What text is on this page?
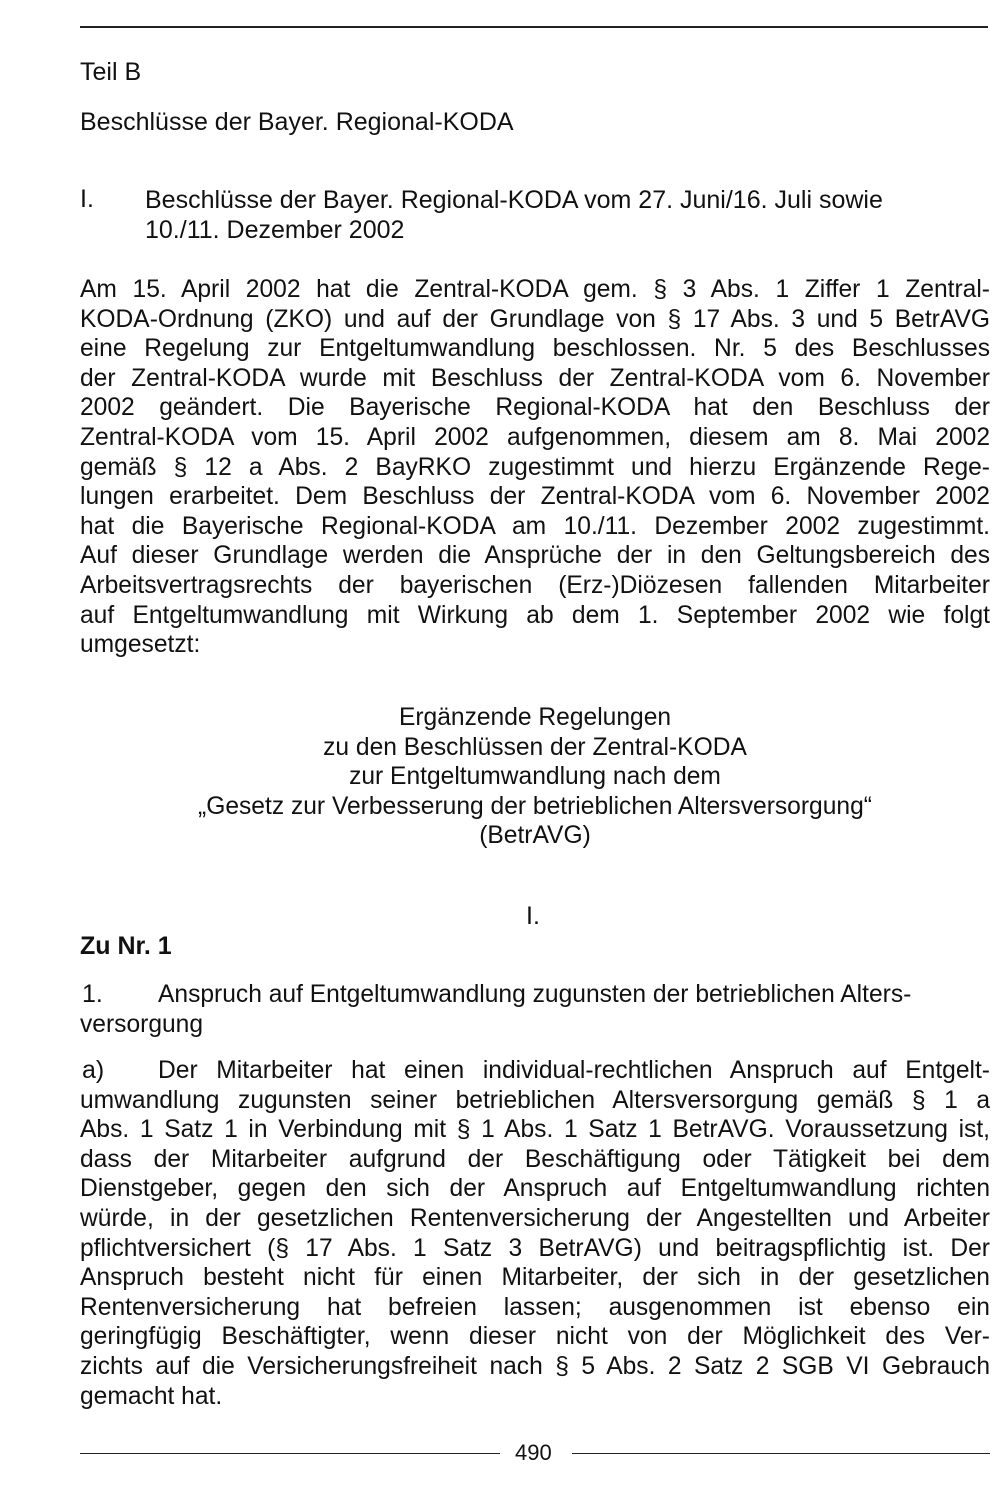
Teil B

Beschlüsse der Bayer. Regional-KODA

I. Beschlüsse der Bayer. Regional-KODA vom 27. Juni/16. Juli sowie
10./11. Dezember 2002
Am 15. April 2002 hat die Zentral-KODA gem. § 3 Abs. 1 Ziffer 1 Zentral-
KODA-Ordnung (ZKO) und auf der Grundlage von § 17 Abs. 3 und 5 BetrAVG
eine Regelung zur Entgeltumwandlung beschlossen. Nr. 5 des Beschlusses
der Zentral-KODA wurde mit Beschluss der Zentral-KODA vom 6. November
2002 geändert. Die Bayerische Regional-KODA hat den Beschluss der
Zentral-KODA vom 15. April 2002 aufgenommen, diesem am 8. Mai 2002
gemäß § 12 a Abs. 2 BayRKO zugestimmt und hierzu Ergänzende Rege-
lungen erarbeitet. Dem Beschluss der Zentral-KODA vom 6. November 2002
hat die Bayerische Regional-KODA am 10./11. Dezember 2002 zugestimmt.
Auf dieser Grundlage werden die Ansprüche der in den Geltungsbereich des
Arbeitsvertragsrechts der bayerischen (Erz-)Diözesen fallenden Mitarbeiter
auf Entgeltumwandlung mit Wirkung ab dem 1. September 2002 wie folgt
umgesetzt:
Ergänzende Regelungen
zu den Beschlüssen der Zentral-KODA
zur Entgeltumwandlung nach dem
„Gesetz zur Verbesserung der betrieblichen Altersversorgung“
(BetrAVG)

I.

Zu Nr. 1

1. Anspruch auf Entgeltumwandlung zugunsten der betrieblichen Alters-
versorgung

a) Der Mitarbeiter hat einen individual-rechtlichen Anspruch auf Entgelt-
umwandlung zugunsten seiner betrieblichen Altersversorgung gemäß § 1 a
Abs. 1 Satz 1 in Verbindung mit § 1 Abs. 1 Satz 1 BetrAVG. Voraussetzung ist,
dass der Mitarbeiter aufgrund der Beschäftigung oder Tätigkeit bei dem
Dienstgeber, gegen den sich der Anspruch auf Entgeltumwandlung richten
würde, in der gesetzlichen Rentenversicherung der Angestellten und Arbeiter
pflichtversichert (§ 17 Abs. 1 Satz 3 BetrAVG) und beitragspflichtig ist. Der
Anspruch besteht nicht für einen Mitarbeiter, der sich in der gesetzlichen
Rentenversicherung hat befreien lassen; ausgenommen ist ebenso ein
geringfügig Beschäftigter, wenn dieser nicht von der Möglichkeit des Ver-
zichts auf die Versicherungsfreiheit nach § 5 Abs. 2 Satz 2 SGB VI Gebrauch
gemacht hat.

490
